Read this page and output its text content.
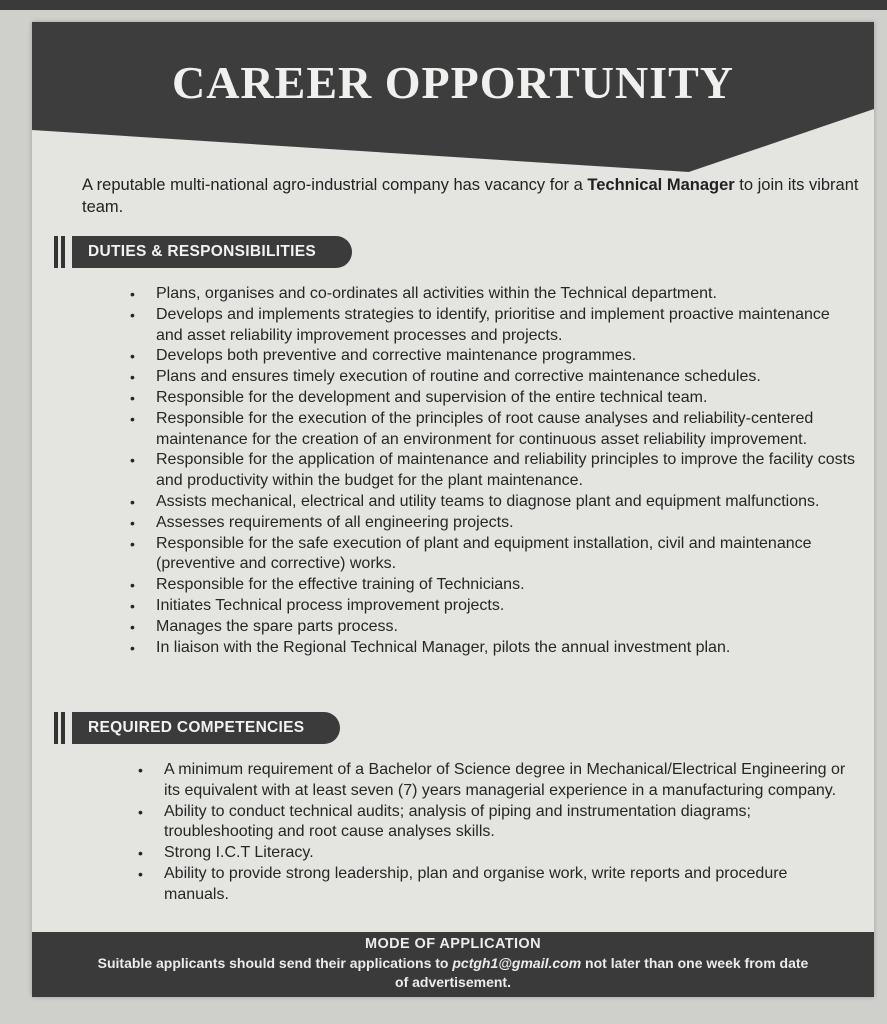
CAREER OPPORTUNITY
A reputable multi-national agro-industrial company has vacancy for a Technical Manager to join its vibrant team.
DUTIES & RESPONSIBILITIES
• Plans, organises and co-ordinates all activities within the Technical department.
• Develops and implements strategies to identify, prioritise and implement proactive maintenance and asset reliability improvement processes and projects.
• Develops both preventive and corrective maintenance programmes.
• Plans and ensures timely execution of routine and corrective maintenance schedules.
• Responsible for the development and supervision of the entire technical team.
• Responsible for the execution of the principles of root cause analyses and reliability-centered maintenance for the creation of an environment for continuous asset reliability improvement.
• Responsible for the application of maintenance and reliability principles to improve the facility costs and productivity within the budget for the plant maintenance.
• Assists mechanical, electrical and utility teams to diagnose plant and equipment malfunctions.
• Assesses requirements of all engineering projects.
• Responsible for the safe execution of plant and equipment installation, civil and maintenance (preventive and corrective) works.
• Responsible for the effective training of Technicians.
• Initiates Technical process improvement projects.
• Manages the spare parts process.
• In liaison with the Regional Technical Manager, pilots the annual investment plan.
REQUIRED COMPETENCIES
• A minimum requirement of a Bachelor of Science degree in Mechanical/Electrical Engineering or its equivalent with at least seven (7) years managerial experience in a manufacturing company.
• Ability to conduct technical audits; analysis of piping and instrumentation diagrams; troubleshooting and root cause analyses skills.
• Strong I.C.T Literacy.
• Ability to provide strong leadership, plan and organise work, write reports and procedure manuals.
MODE OF APPLICATION
Suitable applicants should send their applications to pctgh1@gmail.com not later than one week from date of advertisement.
